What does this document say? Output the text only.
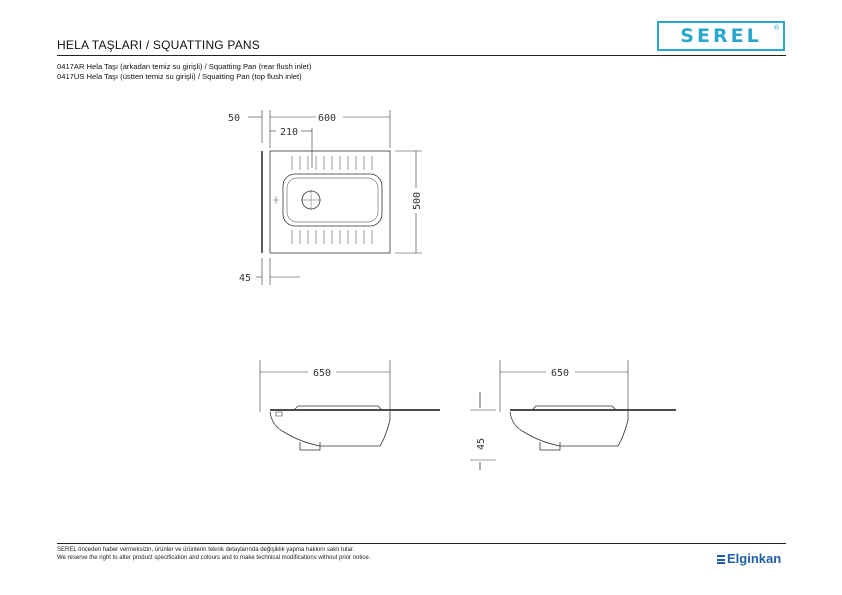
HELA TAŞLARI / SQUATTING PANS
0417AR Hela Taşı (arkadan temiz su girişli) / Squatting Pan (rear flush inlet)
0417US Hela Taşı (üstten temiz su girişli) / Squatting Pan (top flush inlet)
SEREL ®
50	600
210
500
45
650	650
45
SEREL önceden haber vermeksizin, ürünler ve ürünlerin teknik detaylarında değişiklik yapma hakkını saklı tutar.
We reserve the right to alter product specification and colours and to make technical modifications without prior notice.	Elginkan
